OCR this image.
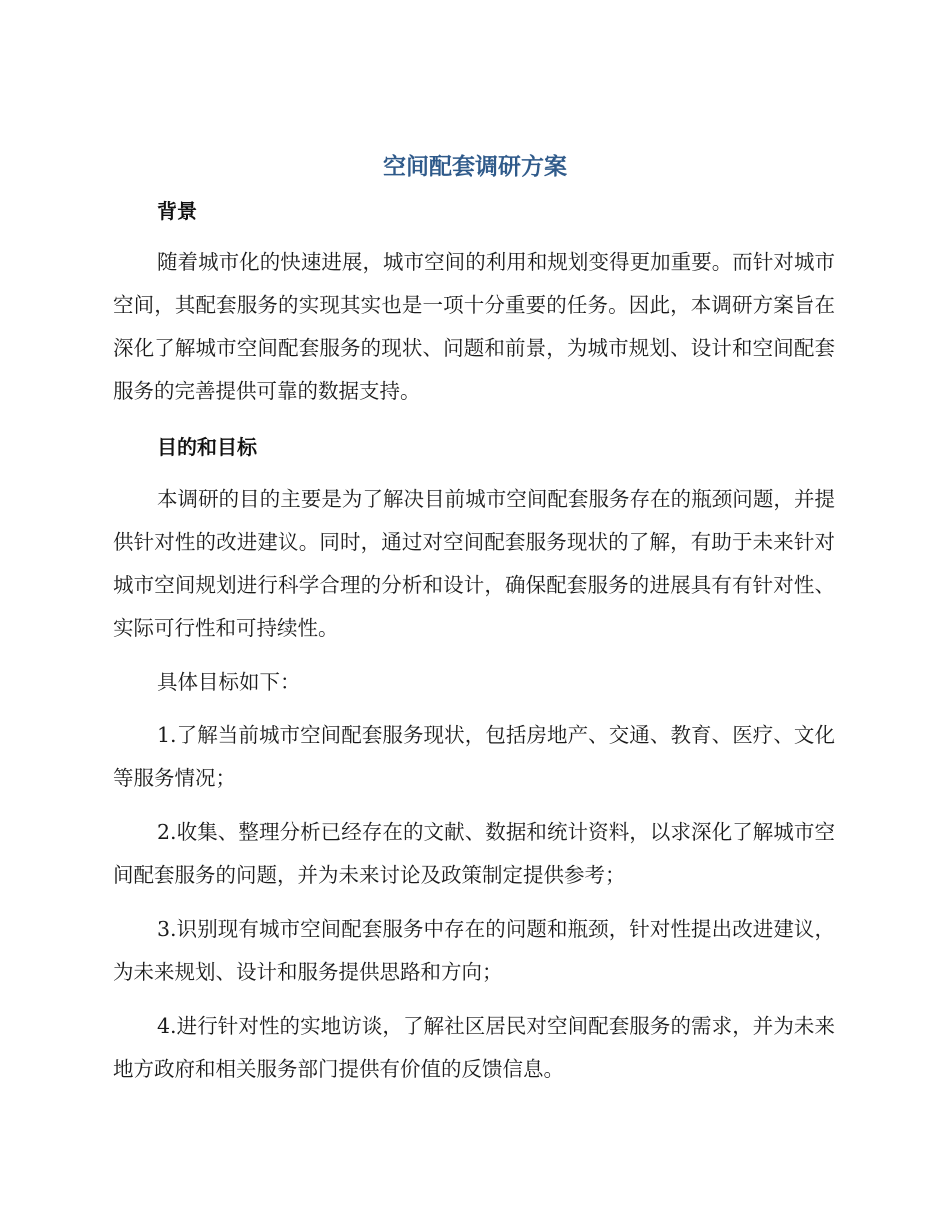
空间配套调研方案
背景
随着城市化的快速进展，城市空间的利用和规划变得更加重要。而针对城市空间，其配套服务的实现其实也是一项十分重要的任务。因此，本调研方案旨在深化了解城市空间配套服务的现状、问题和前景，为城市规划、设计和空间配套服务的完善提供可靠的数据支持。
目的和目标
本调研的目的主要是为了解决目前城市空间配套服务存在的瓶颈问题，并提供针对性的改进建议。同时，通过对空间配套服务现状的了解，有助于未来针对城市空间规划进行科学合理的分析和设计，确保配套服务的进展具有有针对性、实际可行性和可持续性。
具体目标如下：
1.了解当前城市空间配套服务现状，包括房地产、交通、教育、医疗、文化等服务情况；
2.收集、整理分析已经存在的文献、数据和统计资料，以求深化了解城市空间配套服务的问题，并为未来讨论及政策制定提供参考；
3.识别现有城市空间配套服务中存在的问题和瓶颈，针对性提出改进建议，为未来规划、设计和服务提供思路和方向；
4.进行针对性的实地访谈，了解社区居民对空间配套服务的需求，并为未来地方政府和相关服务部门提供有价值的反馈信息。
